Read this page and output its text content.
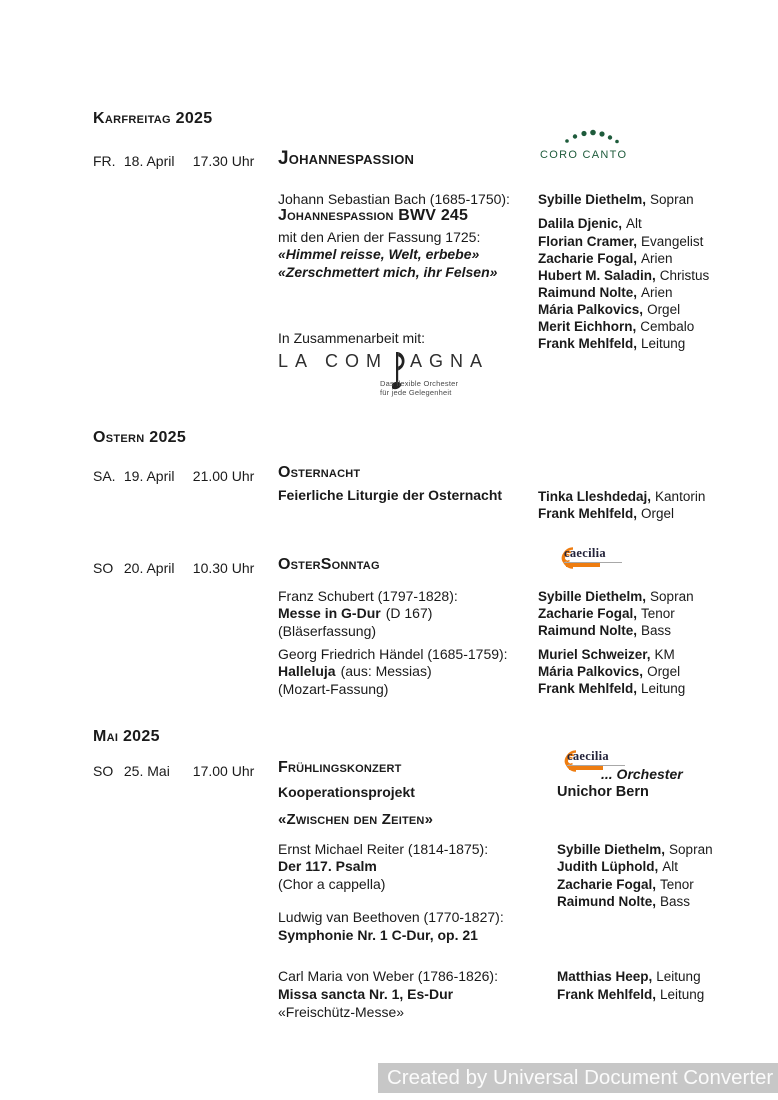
Karfreitag 2025
FR. 18. April 17.30 Uhr Johannespassion	CORO CANTO
Johann Sebastian Bach (1685-1750):
Johannespassion BWV 245
mit den Arien der Fassung 1725:
«Himmel reisse, Welt, erbebe»
«Zerschmettert mich, ihr Felsen»
Sybille Diethelm, Sopran
Dalila Djenic, Alt
Florian Cramer, Evangelist
Zacharie Fogal, Arien
Hubert M. Saladin, Christus
Raimund Nolte, Arien
Mária Palkovics, Orgel
Merit Eichhorn, Cembalo
Frank Mehlfeld, Leitung
In Zusammenarbeit mit:
LA COM AGNA
Das flexible Orchester
für jede Gelegenheit
Ostern 2025
SA. 19. April 21.00 Uhr Osternacht
Feierliche Liturgie der Osternacht	Tinka Lleshdedaj, Kantorin
Frank Mehlfeld, Orgel
caecilia
SO 20. April 10.30 Uhr OsterSonntag
Franz Schubert (1797-1828):
Messe in G-Dur (D 167)
(Bläserfassung)
Georg Friedrich Händel (1685-1759):
Halleluja (aus: Messias)
(Mozart-Fassung)
Sybille Diethelm, Sopran
Zacharie Fogal, Tenor
Raimund Nolte, Bass
Muriel Schweizer, KM
Mária Palkovics, Orgel
Frank Mehlfeld, Leitung
Mai 2025
SO 25. Mai 17.00 Uhr Frühlingskonzert
Kooperationsprojekt
caecilia
... Orchester
Unichor Bern
«Zwischen den Zeiten»
Ernst Michael Reiter (1814-1875):
Der 117. Psalm
(Chor a cappella)
Ludwig van Beethoven (1770-1827):
Symphonie Nr. 1 C-Dur, op. 21
Carl Maria von Weber (1786-1826):
Missa sancta Nr. 1, Es-Dur
«Freischütz-Messe»
Sybille Diethelm, Sopran
Judith Lüphold, Alt
Zacharie Fogal, Tenor
Raimund Nolte, Bass
Matthias Heep, Leitung
Frank Mehlfeld, Leitung
Created by Universal Document Converter
